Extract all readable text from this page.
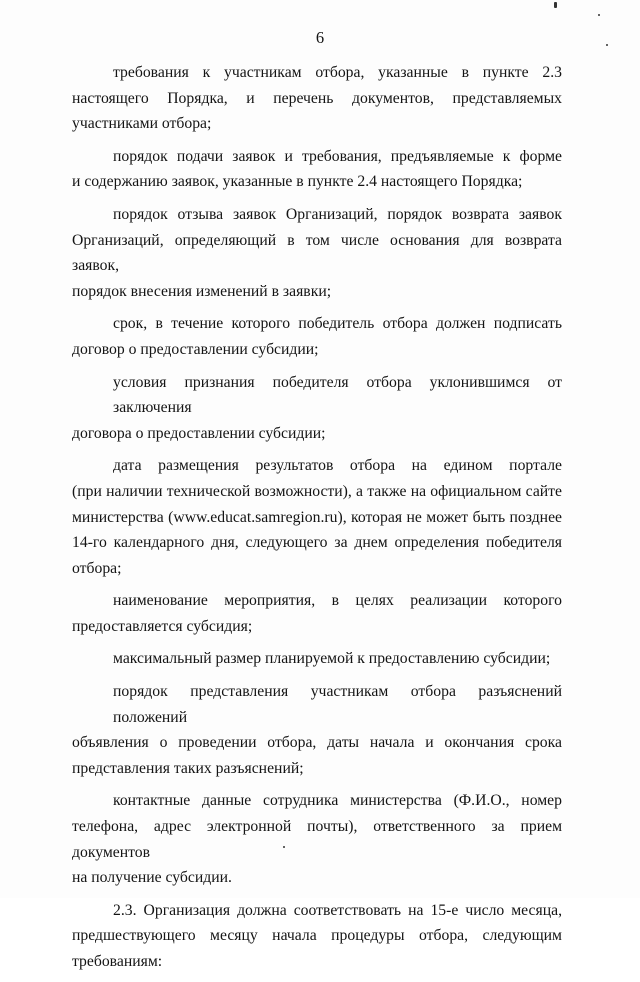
6
требования к участникам отбора, указанные в пункте 2.3
настоящего Порядка, и перечень документов, представляемых
участниками отбора;
порядок подачи заявок и требования, предъявляемые к форме
и содержанию заявок, указанные в пункте 2.4 настоящего Порядка;
порядок отзыва заявок Организаций, порядок возврата заявок
Организаций, определяющий в том числе основания для возврата заявок,
порядок внесения изменений в заявки;
срок, в течение которого победитель отбора должен подписать
договор о предоставлении субсидии;
условия признания победителя отбора уклонившимся от заключения
договора о предоставлении субсидии;
дата размещения результатов отбора на едином портале
(при наличии технической возможности), а также на официальном сайте
министерства (www.educat.samregion.ru), которая не может быть позднее
14-го календарного дня, следующего за днем определения победителя
отбора;
наименование мероприятия, в целях реализации которого
предоставляется субсидия;
максимальный размер планируемой к предоставлению субсидии;
порядок представления участникам отбора разъяснений положений
объявления о проведении отбора, даты начала и окончания срока
представления таких разъяснений;
контактные данные сотрудника министерства (Ф.И.О., номер
телефона, адрес электронной почты), ответственного за прием документов
на получение субсидии.
2.3. Организация должна соответствовать на 15-е число месяца,
предшествующего месяцу начала процедуры отбора, следующим
требованиям:
